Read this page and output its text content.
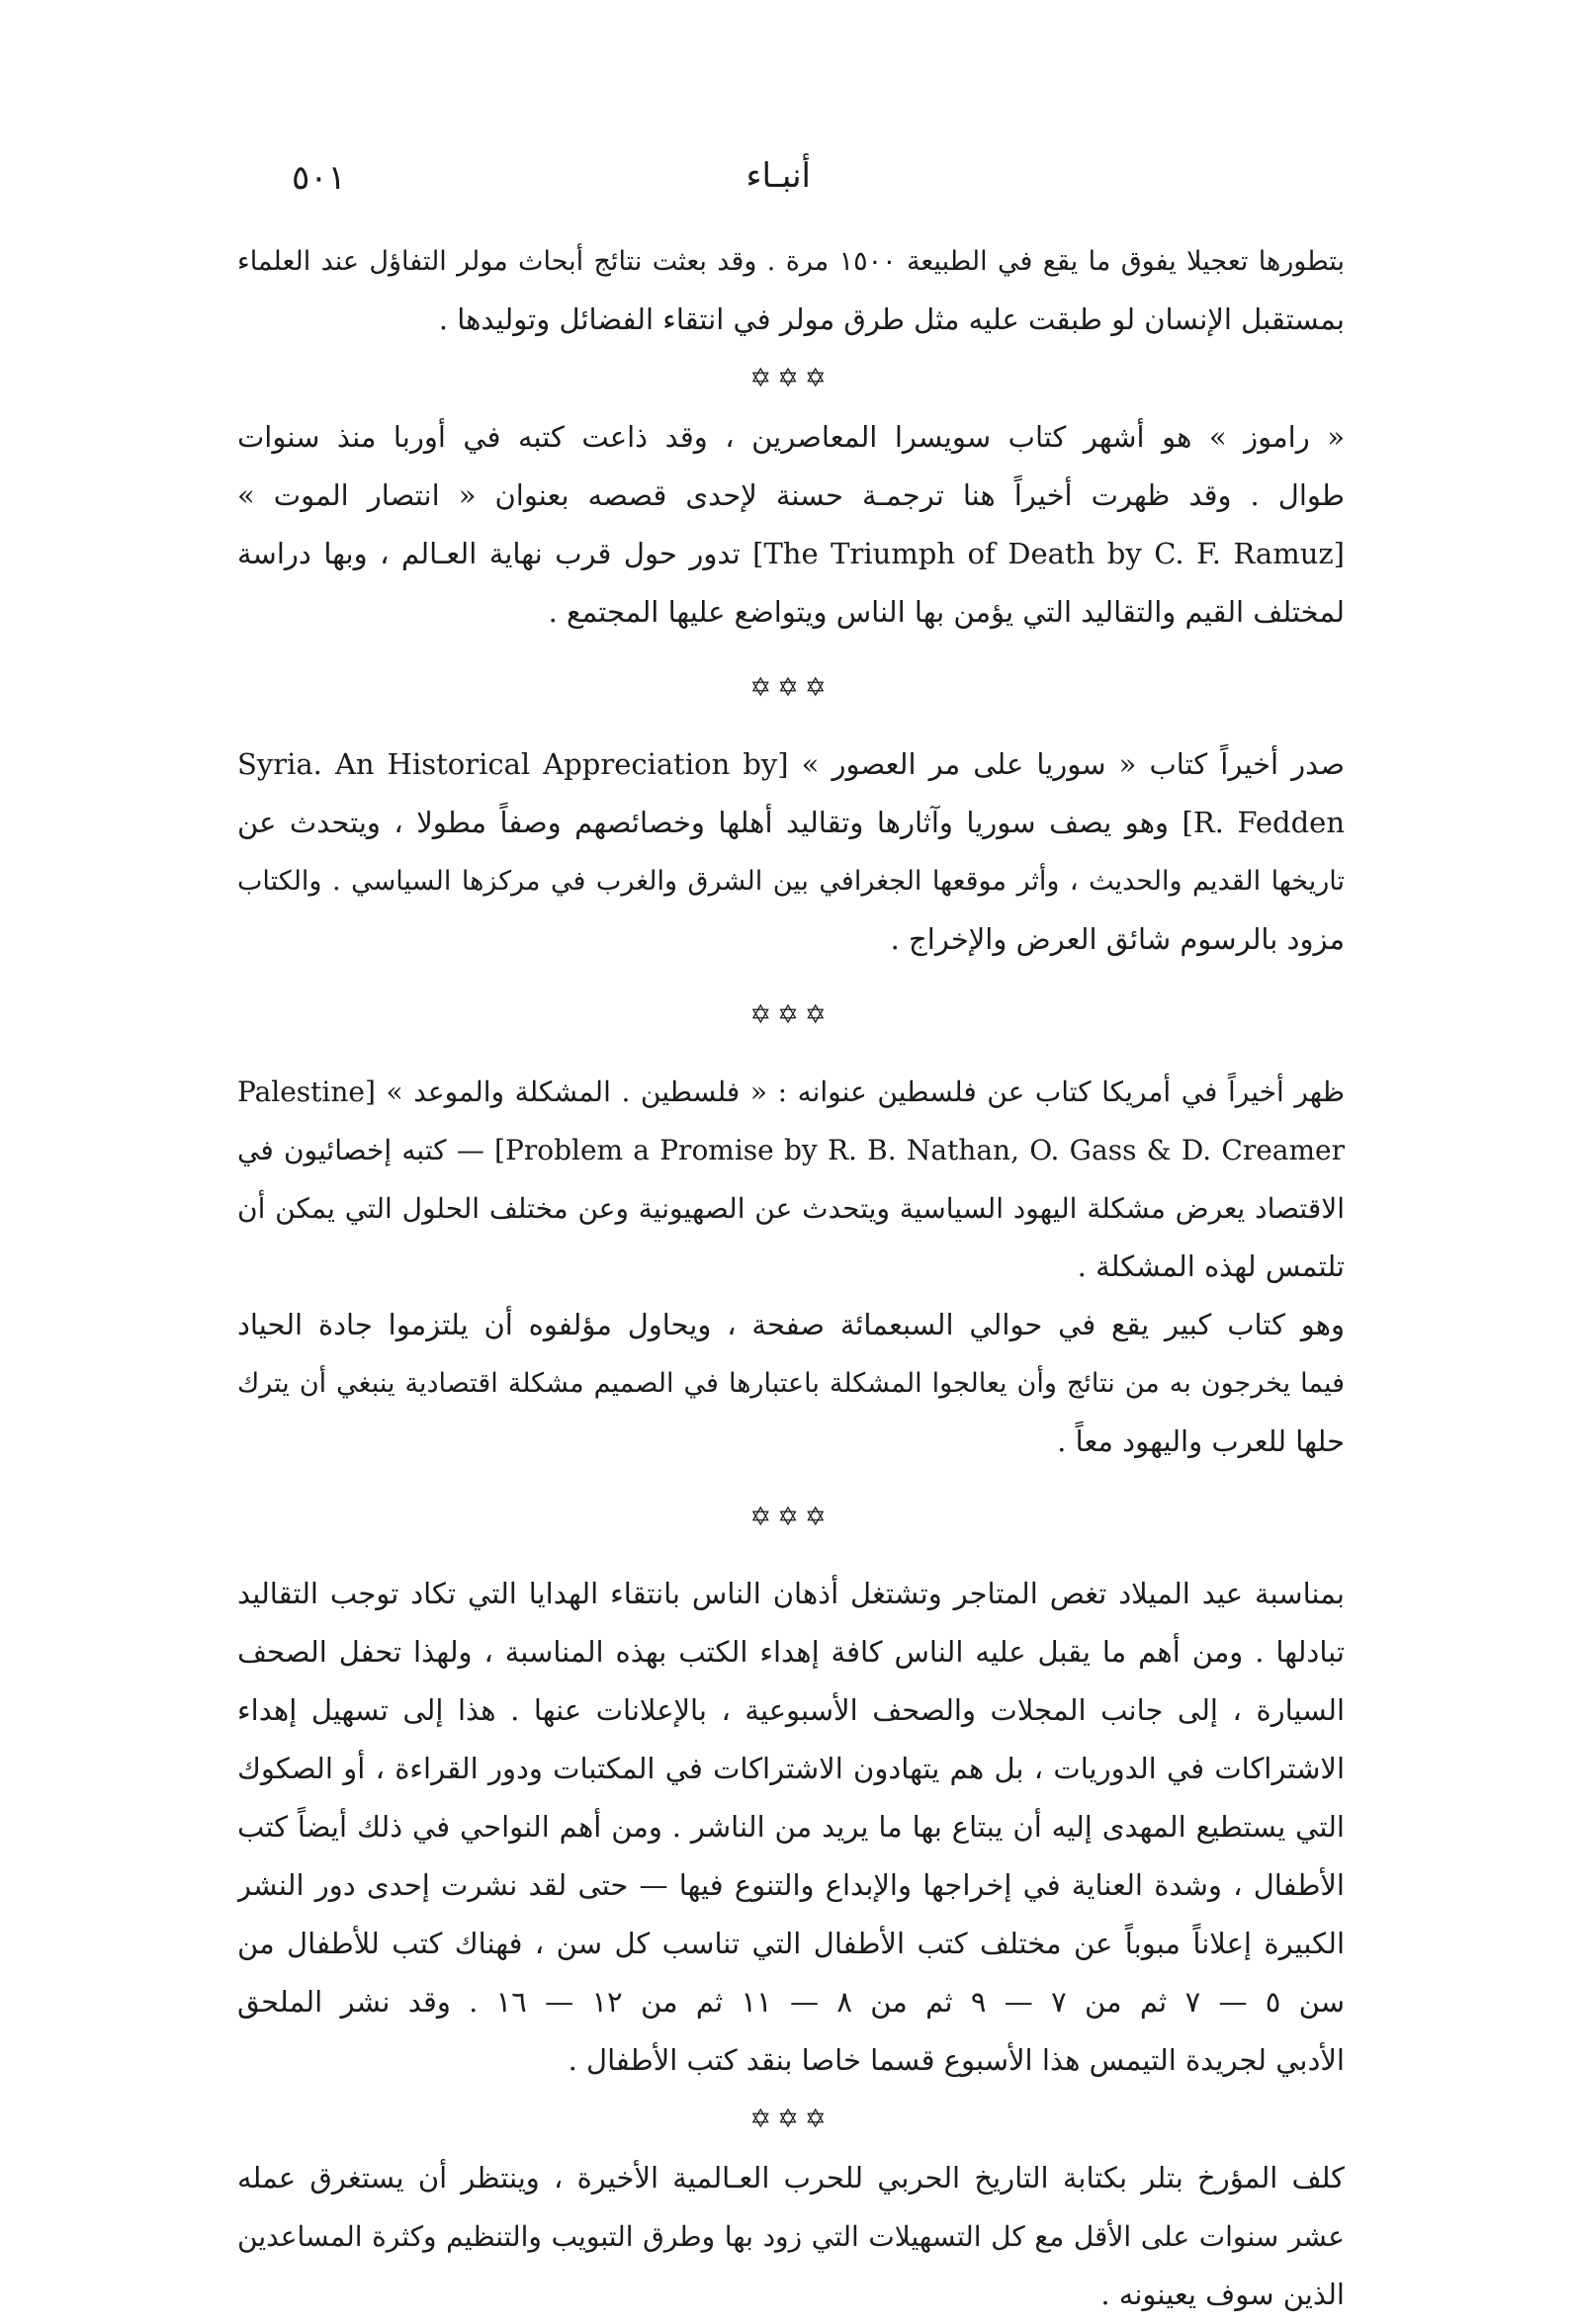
٥٠١	أنبـاء
بتطورها تعجيلا يفوق ما يقع في الطبيعة ١٥٠٠ مرة . وقد بعثت نتائج أبحاث مولر التفاؤل عند العلماء
بمستقبل الإنسان لو طبقت عليه مثل طرق مولر في انتقاء الفضائل وتوليدها .
✡✡✡
« راموز » هو أشهر كتاب سويسرا المعاصرين ، وقد ذاعت كتبه في أوربا منذ سنوات
طوال . وقد ظهرت أخيراً هنا ترجمـة حسنة لإحدى قصصه بعنوان « انتصار الموت »
[The Triumph of Death by C. F. Ramuz] تدور حول قرب نهاية العـالم ، وبها دراسة
لمختلف القيم والتقاليد التي يؤمن بها الناس ويتواضع عليها المجتمع .
✡✡✡
صدر أخيراً كتاب « سوريا على مر العصور » [Syria. An Historical Appreciation by
R. Fedden] وهو يصف سوريا وآثارها وتقاليد أهلها وخصائصهم وصفاً مطولا ، ويتحدث عن
تاريخها القديم والحديث ، وأثر موقعها الجغرافي بين الشرق والغرب في مركزها السياسي . والكتاب
مزود بالرسوم شائق العرض والإخراج .
✡✡✡
ظهر أخيراً في أمريكا كتاب عن فلسطين عنوانه : « فلسطين . المشكلة والموعد » [Palestine
Problem a Promise by R. B. Nathan, O. Gass & D. Creamer] — كتبه إخصائيون في
الاقتصاد يعرض مشكلة اليهود السياسية ويتحدث عن الصهيونية وعن مختلف الحلول التي يمكن أن
تلتمس لهذه المشكلة .
وهو كتاب كبير يقع في حوالي السبعمائة صفحة ، ويحاول مؤلفوه أن يلتزموا جادة الحياد
فيما يخرجون به من نتائج وأن يعالجوا المشكلة باعتبارها في الصميم مشكلة اقتصادية ينبغي أن يترك
حلها للعرب واليهود معاً .
✡✡✡
بمناسبة عيد الميلاد تغص المتاجر وتشتغل أذهان الناس بانتقاء الهدايا التي تكاد توجب التقاليد
تبادلها . ومن أهم ما يقبل عليه الناس كافة إهداء الكتب بهذه المناسبة ، ولهذا تحفل الصحف
السيارة ، إلى جانب المجلات والصحف الأسبوعية ، بالإعلانات عنها . هذا إلى تسهيل إهداء
الاشتراكات في الدوريات ، بل هم يتهادون الاشتراكات في المكتبات ودور القراءة ، أو الصكوك
التي يستطيع المهدى إليه أن يبتاع بها ما يريد من الناشر . ومن أهم النواحي في ذلك أيضاً كتب
الأطفال ، وشدة العناية في إخراجها والإبداع والتنوع فيها — حتى لقد نشرت إحدى دور النشر
الكبيرة إعلاناً مبوباً عن مختلف كتب الأطفال التي تناسب كل سن ، فهناك كتب للأطفال من
سن ٥ — ٧ ثم من ٧ — ٩ ثم من ٨ — ١١ ثم من ١٢ — ١٦ . وقد نشر الملحق
الأدبي لجريدة التيمس هذا الأسبوع قسما خاصا بنقد كتب الأطفال .
✡✡✡
كلف المؤرخ بتلر بكتابة التاريخ الحربي للحرب العـالمية الأخيرة ، وينتظر أن يستغرق عمله
عشر سنوات على الأقل مع كل التسهيلات التي زود بها وطرق التبويب والتنظيم وكثرة المساعدين
الذين سوف يعينونه .
